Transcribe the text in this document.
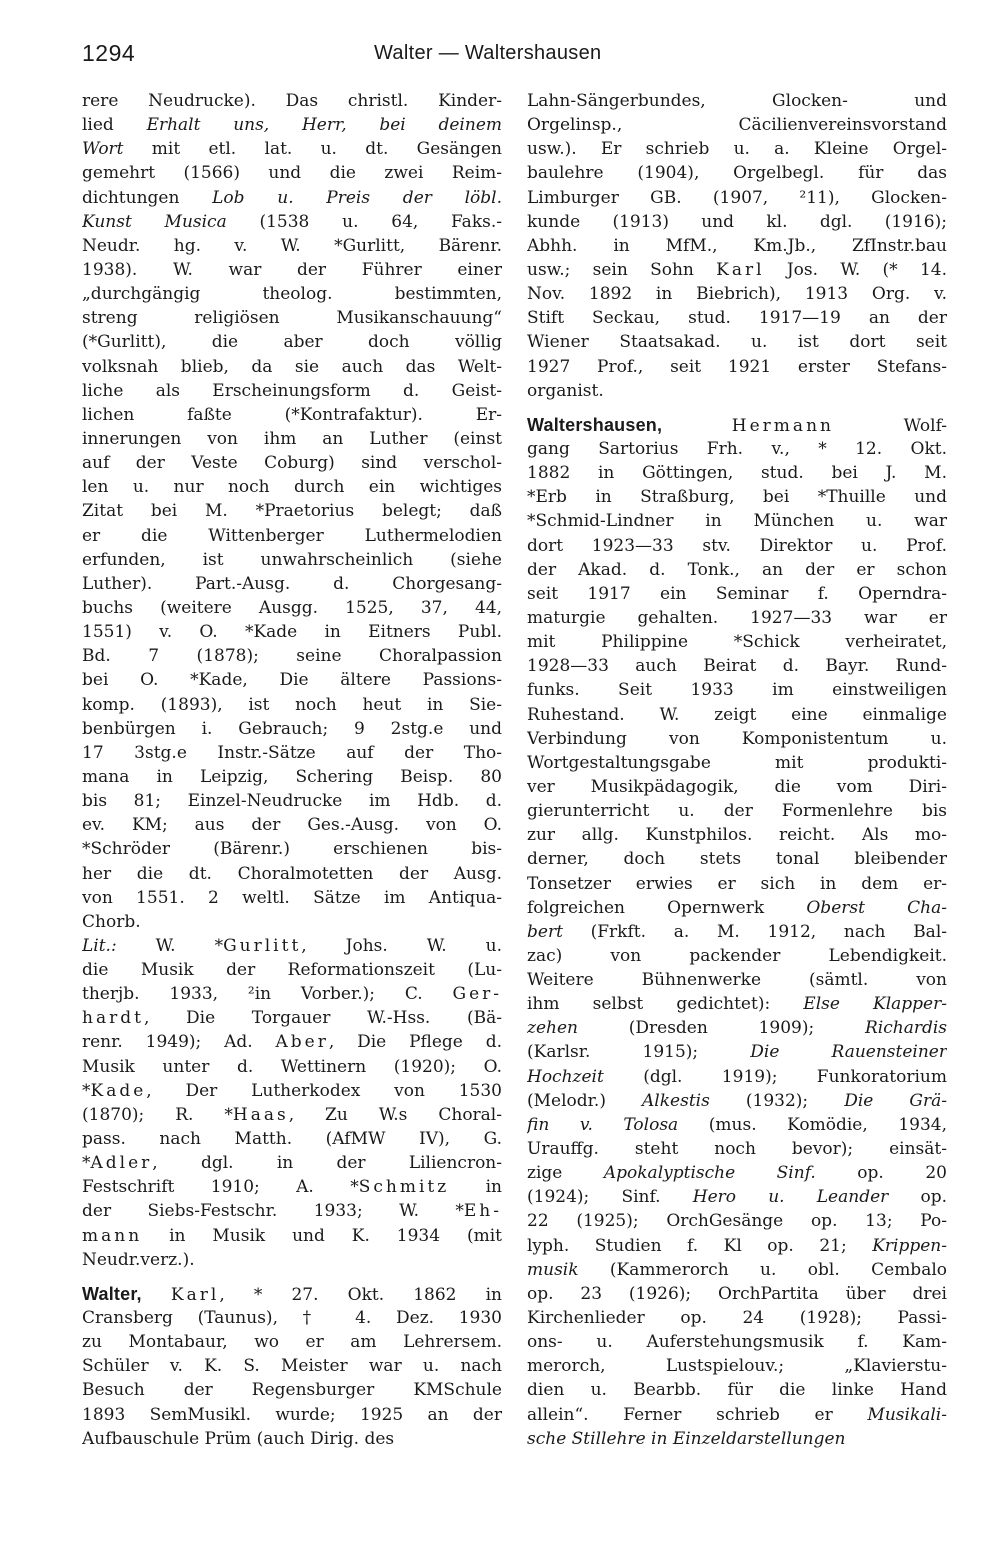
1294	Walter — Waltershausen
rere Neudrucke). Das christl. Kinder-
lied Erhalt uns, Herr, bei deinem
Wort mit etl. lat. u. dt. Gesängen
gemehrt (1566) und die zwei Reim-
dichtungen Lob u. Preis der löbl.
Kunst Musica (1538 u. 64, Faks.-
Neudr. hg. v. W. *Gurlitt, Bärenr.
1938). W. war der Führer einer
„durchgängig theolog. bestimmten,
streng religiösen Musikanschauung“
(*Gurlitt), die aber doch völlig
volksnah blieb, da sie auch das Welt-
liche als Erscheinungsform d. Geist-
lichen faßte (*Kontrafaktur). Er-
innerungen von ihm an Luther (einst
auf der Veste Coburg) sind verschol-
len u. nur noch durch ein wichtiges
Zitat bei M. *Praetorius belegt; daß
er die Wittenberger Luthermelodien
erfunden, ist unwahrscheinlich (siehe
Luther). Part.-Ausg. d. Chorgesang-
buchs (weitere Ausgg. 1525, 37, 44,
1551) v. O. *Kade in Eitners Publ.
Bd. 7 (1878); seine Choralpassion
bei O. *Kade, Die ältere Passions-
komp. (1893), ist noch heut in Sie-
benbürgen i. Gebrauch; 9 2stg.e und
17 3stg.e Instr.-Sätze auf der Tho-
mana in Leipzig, Schering Beisp. 80
bis 81; Einzel-Neudrucke im Hdb. d.
ev. KM; aus der Ges.-Ausg. von O.
*Schröder (Bärenr.) erschienen bis-
her die dt. Choralmotetten der Ausg.
von 1551. 2 weltl. Sätze im Antiqua-
Chorb.
Lit.: W. *Gurlitt, Johs. W. u.
die Musik der Reformationszeit (Lu-
therjb. 1933, ²in Vorber.); C. Ger-
hardt, Die Torgauer W.-Hss. (Bä-
renr. 1949); Ad. Aber, Die Pflege d.
Musik unter d. Wettinern (1920); O.
*Kade, Der Lutherkodex von 1530
(1870); R. *Haas, Zu W.s Choral-
pass. nach Matth. (AfMW IV), G.
*Adler, dgl. in der Liliencron-
Festschrift 1910; A. *Schmitz in
der Siebs-Festschr. 1933; W. *Eh-
mann in Musik und K. 1934 (mit
Neudr.verz.).
Walter, Karl, * 27. Okt. 1862 in
Cransberg (Taunus), † 4. Dez. 1930
zu Montabaur, wo er am Lehrersem.
Schüler v. K. S. Meister war u. nach
Besuch der Regensburger KMSchule
1893 SemMusikl. wurde; 1925 an der
Aufbauschule Prüm (auch Dirig. des
Lahn-Sängerbundes, Glocken- und
Orgelinsp., Cäcilienvereinsvorstand
usw.). Er schrieb u. a. Kleine Orgel-
baulehre (1904), Orgelbegl. für das
Limburger GB. (1907, ²11), Glocken-
kunde (1913) und kl. dgl. (1916);
Abhh. in MfM., Km.Jb., ZfInstr.bau
usw.; sein Sohn Karl Jos. W. (* 14.
Nov. 1892 in Biebrich), 1913 Org. v.
Stift Seckau, stud. 1917—19 an der
Wiener Staatsakad. u. ist dort seit
1927 Prof., seit 1921 erster Stefans-
organist.
Waltershausen,	Hermann Wolf-
gang Sartorius Frh. v., * 12. Okt.
1882 in Göttingen, stud. bei J. M.
*Erb in Straßburg, bei *Thuille und
*Schmid-Lindner in München u. war
dort 1923—33 stv. Direktor u. Prof.
der Akad. d. Tonk., an der er schon
seit 1917 ein Seminar f. Operndra-
maturgie gehalten. 1927—33 war er
mit Philippine *Schick verheiratet,
1928—33 auch Beirat d. Bayr. Rund-
funks. Seit 1933 im einstweiligen
Ruhestand. W. zeigt eine einmalige
Verbindung von Komponistentum u.
Wortgestaltungsgabe mit produkti-
ver Musikpädagogik, die vom Diri-
gierunterricht u. der Formenlehre bis
zur allg. Kunstphilos. reicht. Als mo-
derner, doch stets tonal bleibender
Tonsetzer erwies er sich in dem er-
folgreichen Opernwerk Oberst Cha-
bert (Frkft. a. M. 1912, nach Bal-
zac) von packender Lebendigkeit.
Weitere Bühnenwerke (sämtl. von
ihm selbst gedichtet): Else Klapper-
zehen (Dresden 1909); Richardis
(Karlsr. 1915); Die Rauensteiner
Hochzeit (dgl. 1919); Funkoratorium
(Melodr.) Alkestis (1932); Die Grä-
fin v. Tolosa (mus. Komödie, 1934,
Urauffg. steht noch bevor); einsät-
zige Apokalyptische Sinf. op. 20
(1924); Sinf. Hero u. Leander op.
22 (1925); OrchGesänge op. 13; Po-
lyph. Studien f. Kl op. 21; Krippen-
musik (Kammerorch u. obl. Cembalo
op. 23 (1926); OrchPartita über drei
Kirchenlieder op. 24 (1928); Passi-
ons- u. Auferstehungsmusik f. Kam-
merorch, Lustspielouv.; „Klavierstu-
dien u. Bearbb. für die linke Hand
allein“. Ferner schrieb er Musikali-
sche Stillehre in Einzeldarstellungen
